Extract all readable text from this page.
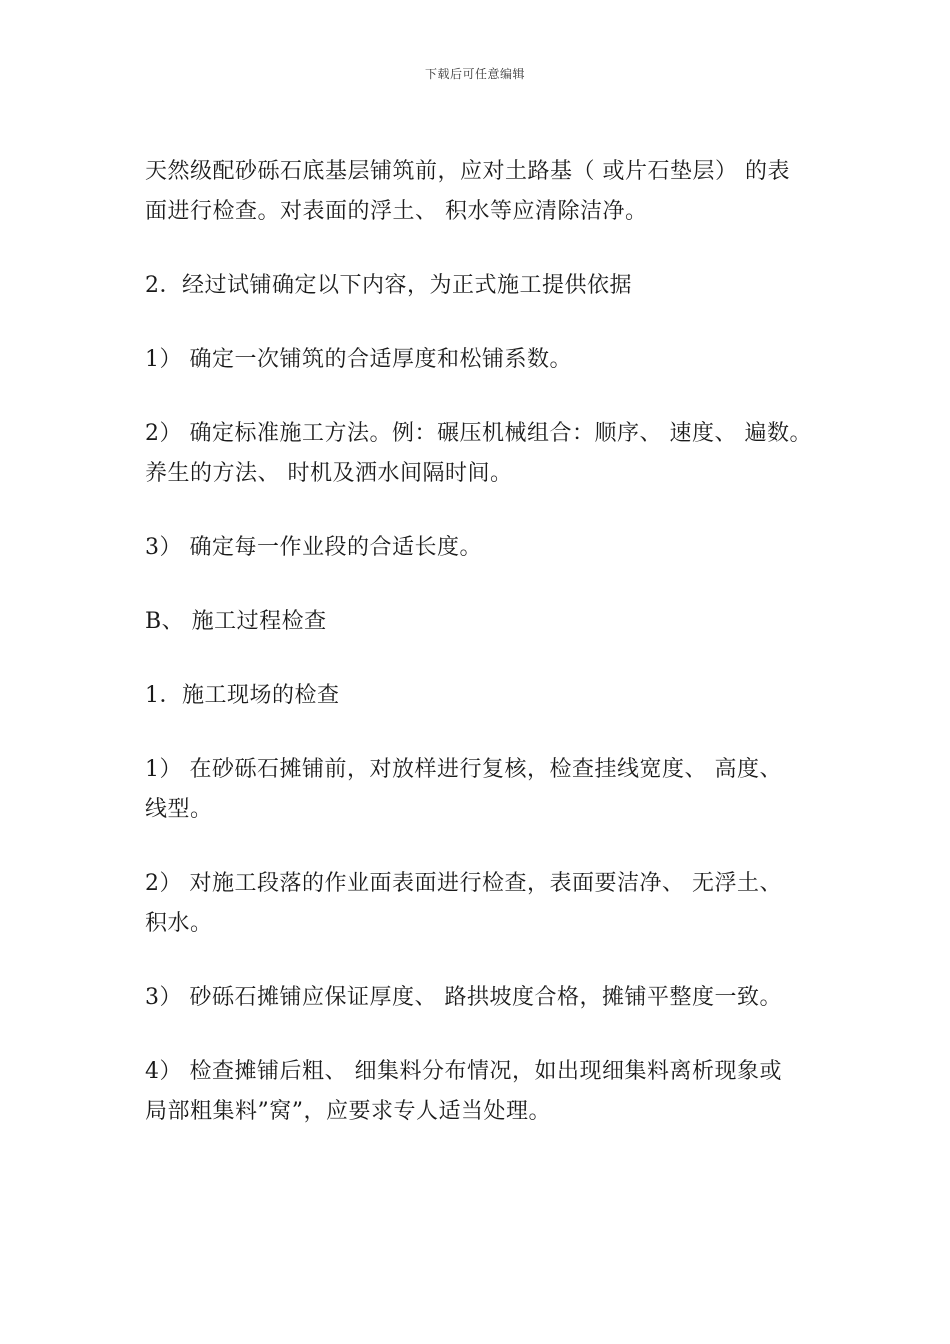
下载后可任意编辑

天然级配砂砾石底基层铺筑前，应对土路基（ 或片石垫层） 的表
面进行检查。对表面的浮土、 积水等应清除洁净。

2．经过试铺确定以下内容，为正式施工提供依据

1） 确定一次铺筑的合适厚度和松铺系数。

2） 确定标准施工方法。例：碾压机械组合：顺序、 速度、 遍数。
养生的方法、 时机及洒水间隔时间。

3） 确定每一作业段的合适长度。

B、 施工过程检查

1．施工现场的检查

1） 在砂砾石摊铺前，对放样进行复核，检查挂线宽度、 高度、
线型。

2） 对施工段落的作业面表面进行检查，表面要洁净、 无浮土、
积水。

3） 砂砾石摊铺应保证厚度、 路拱坡度合格，摊铺平整度一致。

4） 检查摊铺后粗、 细集料分布情况，如出现细集料离析现象或
局部粗集料”窝”，应要求专人适当处理。
